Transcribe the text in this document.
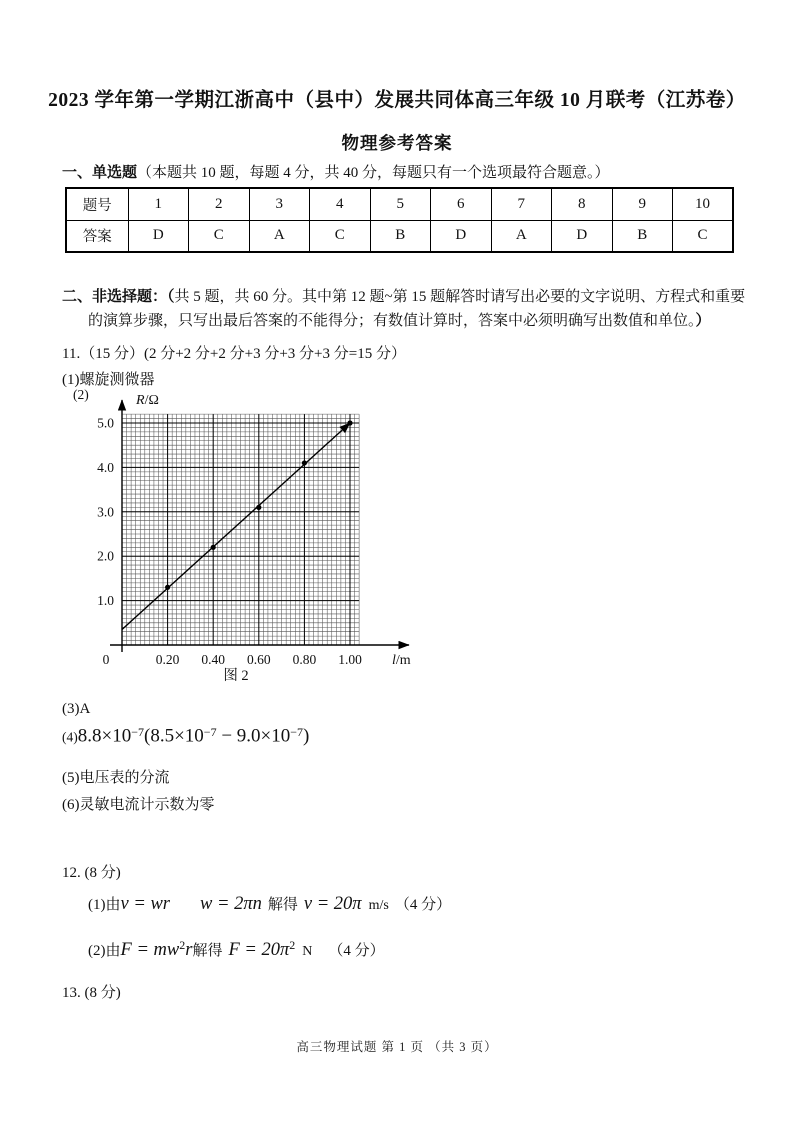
2023 学年第一学期江浙高中（县中）发展共同体高三年级 10 月联考（江苏卷）
物理参考答案
一、单选题（本题共 10 题，每题 4 分，共 40 分，每题只有一个选项最符合题意。）
题号	1	2	3	4	5	6	7	8	9	10
答案	D	C	A	C	B	D	A	D	B	C
二、非选择题：（共 5 题，共 60 分。其中第 12 题~第 15 题解答时请写出必要的文字说明、方程式和重要
的演算步骤，只写出最后答案的不能得分；有数值计算时，答案中必须明确写出数值和单位。）
11.（15 分）(2 分+2 分+2 分+3 分+3 分+3 分=15 分）
(1)螺旋测微器
(2)
0	0.20 0.40 0.60 0.80 1.00
1.0
2.0
3.0
4.0
5.0
l/m
R/Ω
图 2
(3)A
$(4)8.8\times 10^{-7}(8.5\times 10^{-7} - 9.0\times 10^{-7})$
(5)电压表的分流
(6)灵敏电流计示数为零
12. (8 分)
(1)由v = wr w = 2πn 解得 v = 20π m/s （4 分）
(2)由$F = mw^2r$解得 $F = 20\pi^2$ N （4 分）
13. (8 分)
高三物理试题 第 1 页 （共 3 页）
